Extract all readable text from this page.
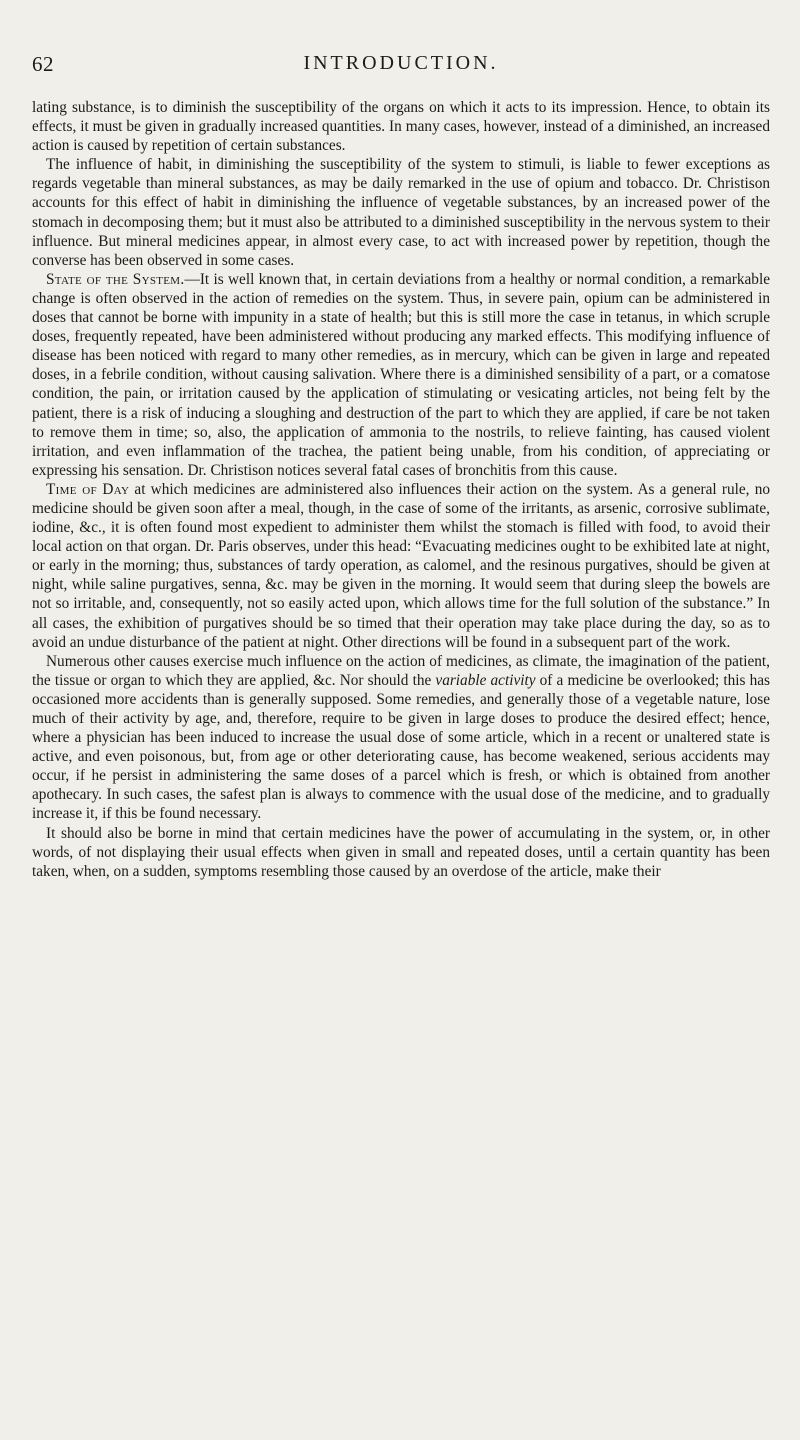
62	INTRODUCTION.

lating substance, is to diminish the susceptibility of the organs on which it acts to its impression. Hence, to obtain its effects, it must be given in gradually increased quantities. In many cases, however, instead of a diminished, an increased action is caused by repetition of certain substances.

The influence of habit, in diminishing the susceptibility of the system to stimuli, is liable to fewer exceptions as regards vegetable than mineral substances, as may be daily remarked in the use of opium and tobacco. Dr. Christison accounts for this effect of habit in diminishing the influence of vegetable substances, by an increased power of the stomach in decomposing them; but it must also be attributed to a diminished susceptibility in the nervous system to their influence. But mineral medicines appear, in almost every case, to act with increased power by repetition, though the converse has been observed in some cases.

State of the System.—It is well known that, in certain deviations from a healthy or normal condition, a remarkable change is often observed in the action of remedies on the system. Thus, in severe pain, opium can be administered in doses that cannot be borne with impunity in a state of health; but this is still more the case in tetanus, in which scruple doses, frequently repeated, have been administered without producing any marked effects. This modifying influence of disease has been noticed with regard to many other remedies, as in mercury, which can be given in large and repeated doses, in a febrile condition, without causing salivation. Where there is a diminished sensibility of a part, or a comatose condition, the pain, or irritation caused by the application of stimulating or vesicating articles, not being felt by the patient, there is a risk of inducing a sloughing and destruction of the part to which they are applied, if care be not taken to remove them in time; so, also, the application of ammonia to the nostrils, to relieve fainting, has caused violent irritation, and even inflammation of the trachea, the patient being unable, from his condition, of appreciating or expressing his sensation. Dr. Christison notices several fatal cases of bronchitis from this cause.

Time of Day at which medicines are administered also influences their action on the system. As a general rule, no medicine should be given soon after a meal, though, in the case of some of the irritants, as arsenic, corrosive sublimate, iodine, &c., it is often found most expedient to administer them whilst the stomach is filled with food, to avoid their local action on that organ. Dr. Paris observes, under this head: “Evacuating medicines ought to be exhibited late at night, or early in the morning; thus, substances of tardy operation, as calomel, and the resinous purgatives, should be given at night, while saline purgatives, senna, &c. may be given in the morning. It would seem that during sleep the bowels are not so irritable, and, consequently, not so easily acted upon, which allows time for the full solution of the substance.” In all cases, the exhibition of purgatives should be so timed that their operation may take place during the day, so as to avoid an undue disturbance of the patient at night. Other directions will be found in a subsequent part of the work.

Numerous other causes exercise much influence on the action of medicines, as climate, the imagination of the patient, the tissue or organ to which they are applied, &c. Nor should the variable activity of a medicine be overlooked; this has occasioned more accidents than is generally supposed. Some remedies, and generally those of a vegetable nature, lose much of their activity by age, and, therefore, require to be given in large doses to produce the desired effect; hence, where a physician has been induced to increase the usual dose of some article, which in a recent or unaltered state is active, and even poisonous, but, from age or other deteriorating cause, has become weakened, serious accidents may occur, if he persist in administering the same doses of a parcel which is fresh, or which is obtained from another apothecary. In such cases, the safest plan is always to commence with the usual dose of the medicine, and to gradually increase it, if this be found necessary.

It should also be borne in mind that certain medicines have the power of accumulating in the system, or, in other words, of not displaying their usual effects when given in small and repeated doses, until a certain quantity has been taken, when, on a sudden, symptoms resembling those caused by an overdose of the article, make their
